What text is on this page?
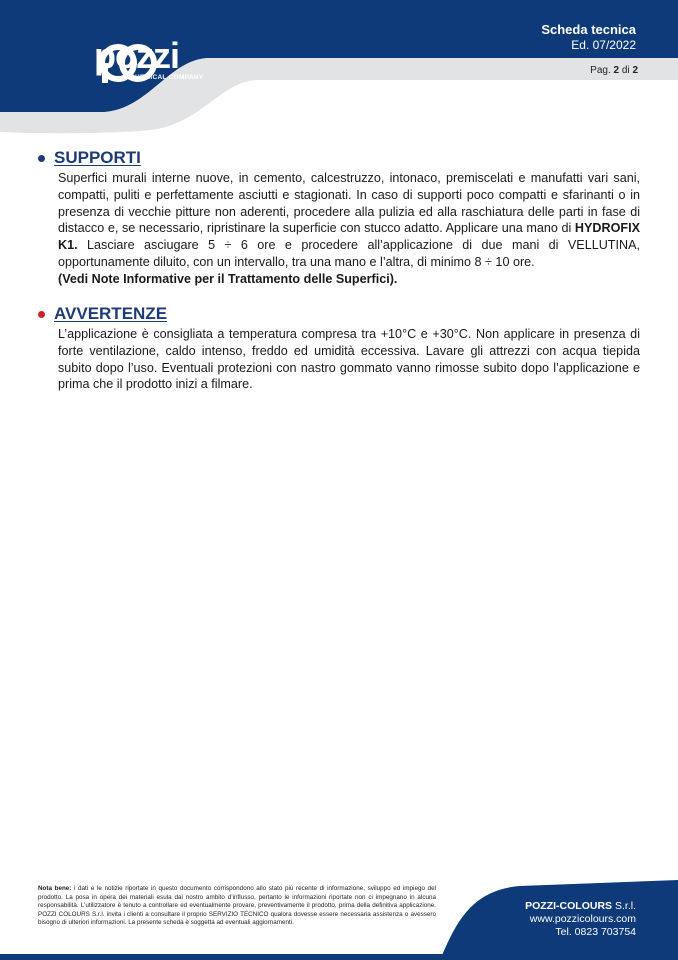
pozzi
CHEMICAL COMPANY
Scheda tecnica
Ed. 07/2022
Pag. 2 di 2
SUPPORTI

Superfici murali interne nuove, in cemento, calcestruzzo, intonaco, premiscelati e manufatti vari sani, compatti, puliti e perfettamente asciutti e stagionati. In caso di supporti poco compatti e sfarinanti o in presenza di vecchie pitture non aderenti, procedere alla pulizia ed alla raschiatura delle parti in fase di distacco e, se necessario, ripristinare la superficie con stucco adatto. Applicare una mano di HYDROFIX K1. Lasciare asciugare 5 ÷ 6 ore e procedere all’applicazione di due mani di VELLUTINA, opportunamente diluito, con un intervallo, tra una mano e l’altra, di minimo 8 ÷ 10 ore.
(Vedi Note Informative per il Trattamento delle Superfici).

AVVERTENZE

L’applicazione è consigliata a temperatura compresa tra +10°C e +30°C. Non applicare in presenza di forte ventilazione, caldo intenso, freddo ed umidità eccessiva. Lavare gli attrezzi con acqua tiepida subito dopo l’uso. Eventuali protezioni con nastro gommato vanno rimosse subito dopo l’applicazione e prima che il prodotto inizi a filmare.

Nota bene: i dati e le notizie riportate in questo documento corrispondono allo stato più recente di informazione, sviluppo ed impiego del prodotto. La posa in opera dei materiali esula dal nostro ambito d’influsso, pertanto le informazioni riportate non ci impegnano in alcuna responsabilità. L’utilizzatore è tenuto a controllare ed eventualmente provare, preventivamente il prodotto, prima della definitiva applicazione. POZZI COLOURS S.r.l. invita i clienti a consultare il proprio SERVIZIO TECNICO qualora dovesse essere necessaria assistenza o avessero bisogno di ulteriori informazioni. La presente scheda è soggetta ad eventuali aggiornamenti.
POZZI-COLOURS S.r.l.
www.pozzicolours.com
Tel. 0823 703754
